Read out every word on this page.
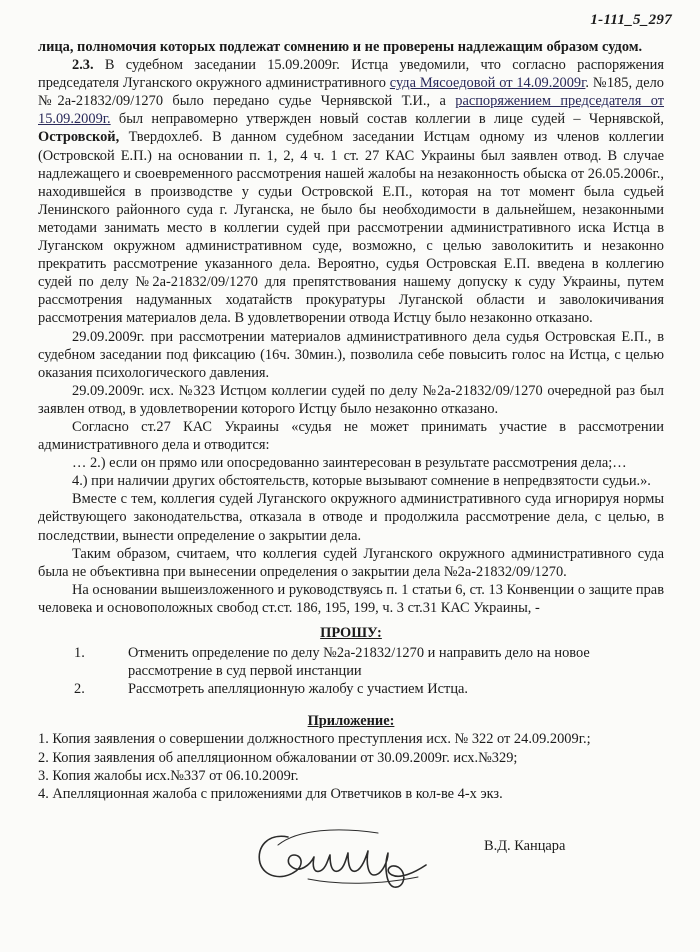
1-111_5_297

лица, полномочия которых подлежат сомнению и не проверены надлежащим образом судом.

2.3. В судебном заседании 15.09.2009г. Истца уведомили, что согласно распоряжения председателя Луганского окружного административного суда Мясоедовой от 14.09.2009г. №185, дело №2а-21832/09/1270 было передано судье Чернявской Т.И., а распоряжением председателя от 15.09.2009г. был неправомерно утвержден новый состав коллегии в лице судей – Чернявской, Островской, Твердохлеб. В данном судебном заседании Истцам одному из членов коллегии (Островской Е.П.) на основании п. 1, 2, 4 ч. 1 ст. 27 КАС Украины был заявлен отвод. В случае надлежащего и своевременного рассмотрения нашей жалобы на незаконность обыска от 26.05.2006г., находившейся в производстве у судьи Островской Е.П., которая на тот момент была судьей Ленинского районного суда г. Луганска, не было бы необходимости в дальнейшем, незаконными методами занимать место в коллегии судей при рассмотрении административного иска Истца в Луганском окружном административном суде, возможно, с целью заволокитить и незаконно прекратить рассмотрение указанного дела. Вероятно, судья Островская Е.П. введена в коллегию судей по делу №2а-21832/09/1270 для препятствования нашему допуску к суду Украины, путем рассмотрения надуманных ходатайств прокуратуры Луганской области и заволокичивания рассмотрения материалов дела. В удовлетворении отвода Истцу было незаконно отказано.

29.09.2009г. при рассмотрении материалов административного дела судья Островская Е.П., в судебном заседании под фиксацию (16ч. 30мин.), позволила себе повысить голос на Истца, с целью оказания психологического давления.

29.09.2009г. исх. №323 Истцом коллегии судей по делу №2а-21832/09/1270 очередной раз был заявлен отвод, в удовлетворении которого Истцу было незаконно отказано.

Согласно ст.27 КАС Украины «судья не может принимать участие в рассмотрении административного дела и отводится:

… 2.) если он прямо или опосредованно заинтересован в результате рассмотрения дела;…

4.) при наличии других обстоятельств, которые вызывают сомнение в непредвзятости судьи.».

Вместе с тем, коллегия судей Луганского окружного административного суда игнорируя нормы действующего законодательства, отказала в отводе и продолжила рассмотрение дела, с целью, в последствии, вынести определение о закрытии дела.

Таким образом, считаем, что коллегия судей Луганского окружного административного суда была не объективна при вынесении определения о закрытии дела №2а-21832/09/1270.

На основании вышеизложенного и руководствуясь п. 1 статьи 6, ст. 13 Конвенции о защите прав человека и основоположных свобод ст.ст. 186, 195, 199, ч. 3 ст.31 КАС Украины, -

ПРОШУ:
1.	Отменить определение по делу №2а-21832/1270 и направить дело на новое рассмотрение в суд первой инстанции
2.	Рассмотреть апелляционную жалобу с участием Истца.
Приложение:

1. Копия заявления о совершении должностного преступления исх. № 322 от 24.09.2009г.;

2. Копия заявления об апелляционном обжаловании от 30.09.2009г. исх.№329;

3. Копия жалобы исх.№337 от 06.10.2009г.

4. Апелляционная жалоба с приложениями для Ответчиков в кол-ве 4-х экз.

В.Д. Канцара
